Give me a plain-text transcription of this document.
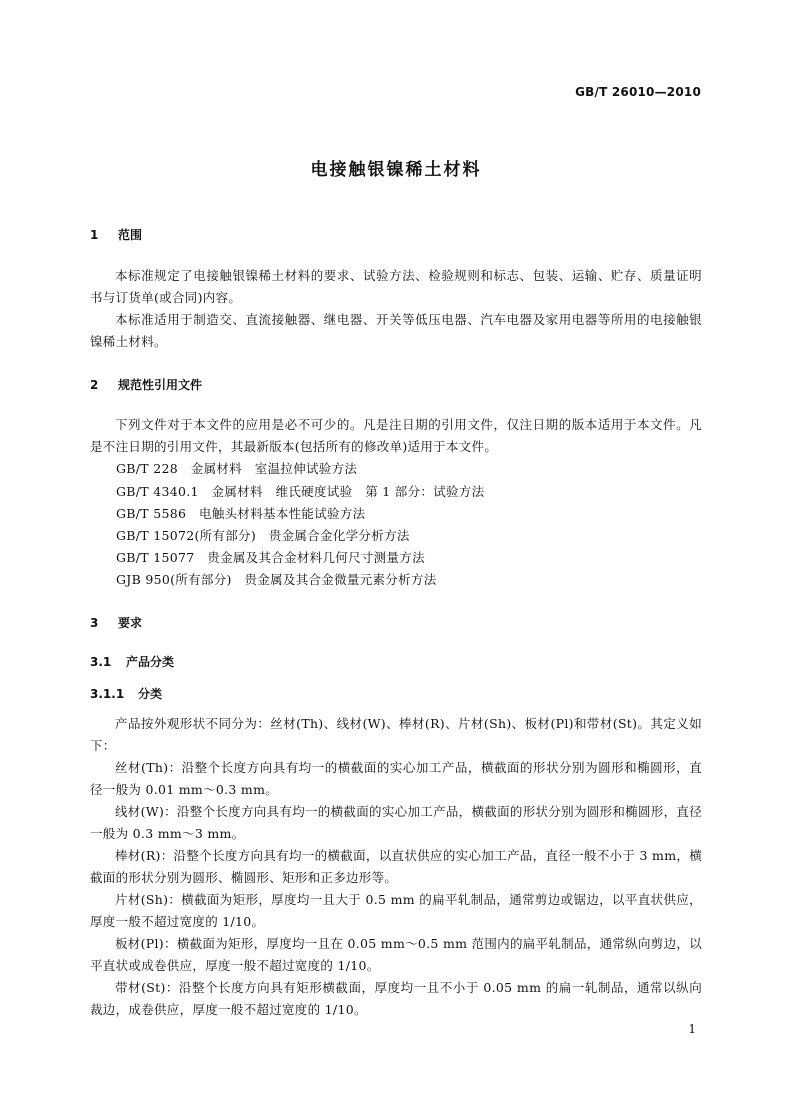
GB/T 26010—2010
电接触银镍稀土材料
1 范围
本标准规定了电接触银镍稀土材料的要求、试验方法、检验规则和标志、包装、运输、贮存、质量证明书与订货单(或合同)内容。
本标准适用于制造交、直流接触器、继电器、开关等低压电器、汽车电器及家用电器等所用的电接触银镍稀土材料。
2 规范性引用文件
下列文件对于本文件的应用是必不可少的。凡是注日期的引用文件，仅注日期的版本适用于本文件。凡是不注日期的引用文件，其最新版本(包括所有的修改单)适用于本文件。
GB/T 228   金属材料   室温拉伸试验方法
GB/T 4340.1   金属材料   维氏硬度试验   第 1 部分：试验方法
GB/T 5586   电触头材料基本性能试验方法
GB/T 15072(所有部分)   贵金属合金化学分析方法
GB/T 15077   贵金属及其合金材料几何尺寸测量方法
GJB 950(所有部分)   贵金属及其合金微量元素分析方法
3 要求
3.1 产品分类
3.1.1 分类
产品按外观形状不同分为：丝材(Th)、线材(W)、棒材(R)、片材(Sh)、板材(Pl)和带材(St)。其定义如下：
丝材(Th)：沿整个长度方向具有均一的横截面的实心加工产品，横截面的形状分别为圆形和椭圆形，直径一般为 0.01 mm～0.3 mm。
线材(W)：沿整个长度方向具有均一的横截面的实心加工产品，横截面的形状分别为圆形和椭圆形，直径一般为 0.3 mm～3 mm。
棒材(R)：沿整个长度方向具有均一的横截面，以直状供应的实心加工产品，直径一般不小于 3 mm，横截面的形状分别为圆形、椭圆形、矩形和正多边形等。
片材(Sh)：横截面为矩形，厚度均一且大于 0.5 mm 的扁平轧制品，通常剪边或锯边，以平直状供应，厚度一般不超过宽度的 1/10。
板材(Pl)：横截面为矩形，厚度均一且在 0.05 mm～0.5 mm 范围内的扁平轧制品，通常纵向剪边，以平直状或成卷供应，厚度一般不超过宽度的 1/10。
带材(St)：沿整个长度方向具有矩形横截面，厚度均一且不小于 0.05 mm 的扁一轧制品，通常以纵向裁边，成卷供应，厚度一般不超过宽度的 1/10。
1
